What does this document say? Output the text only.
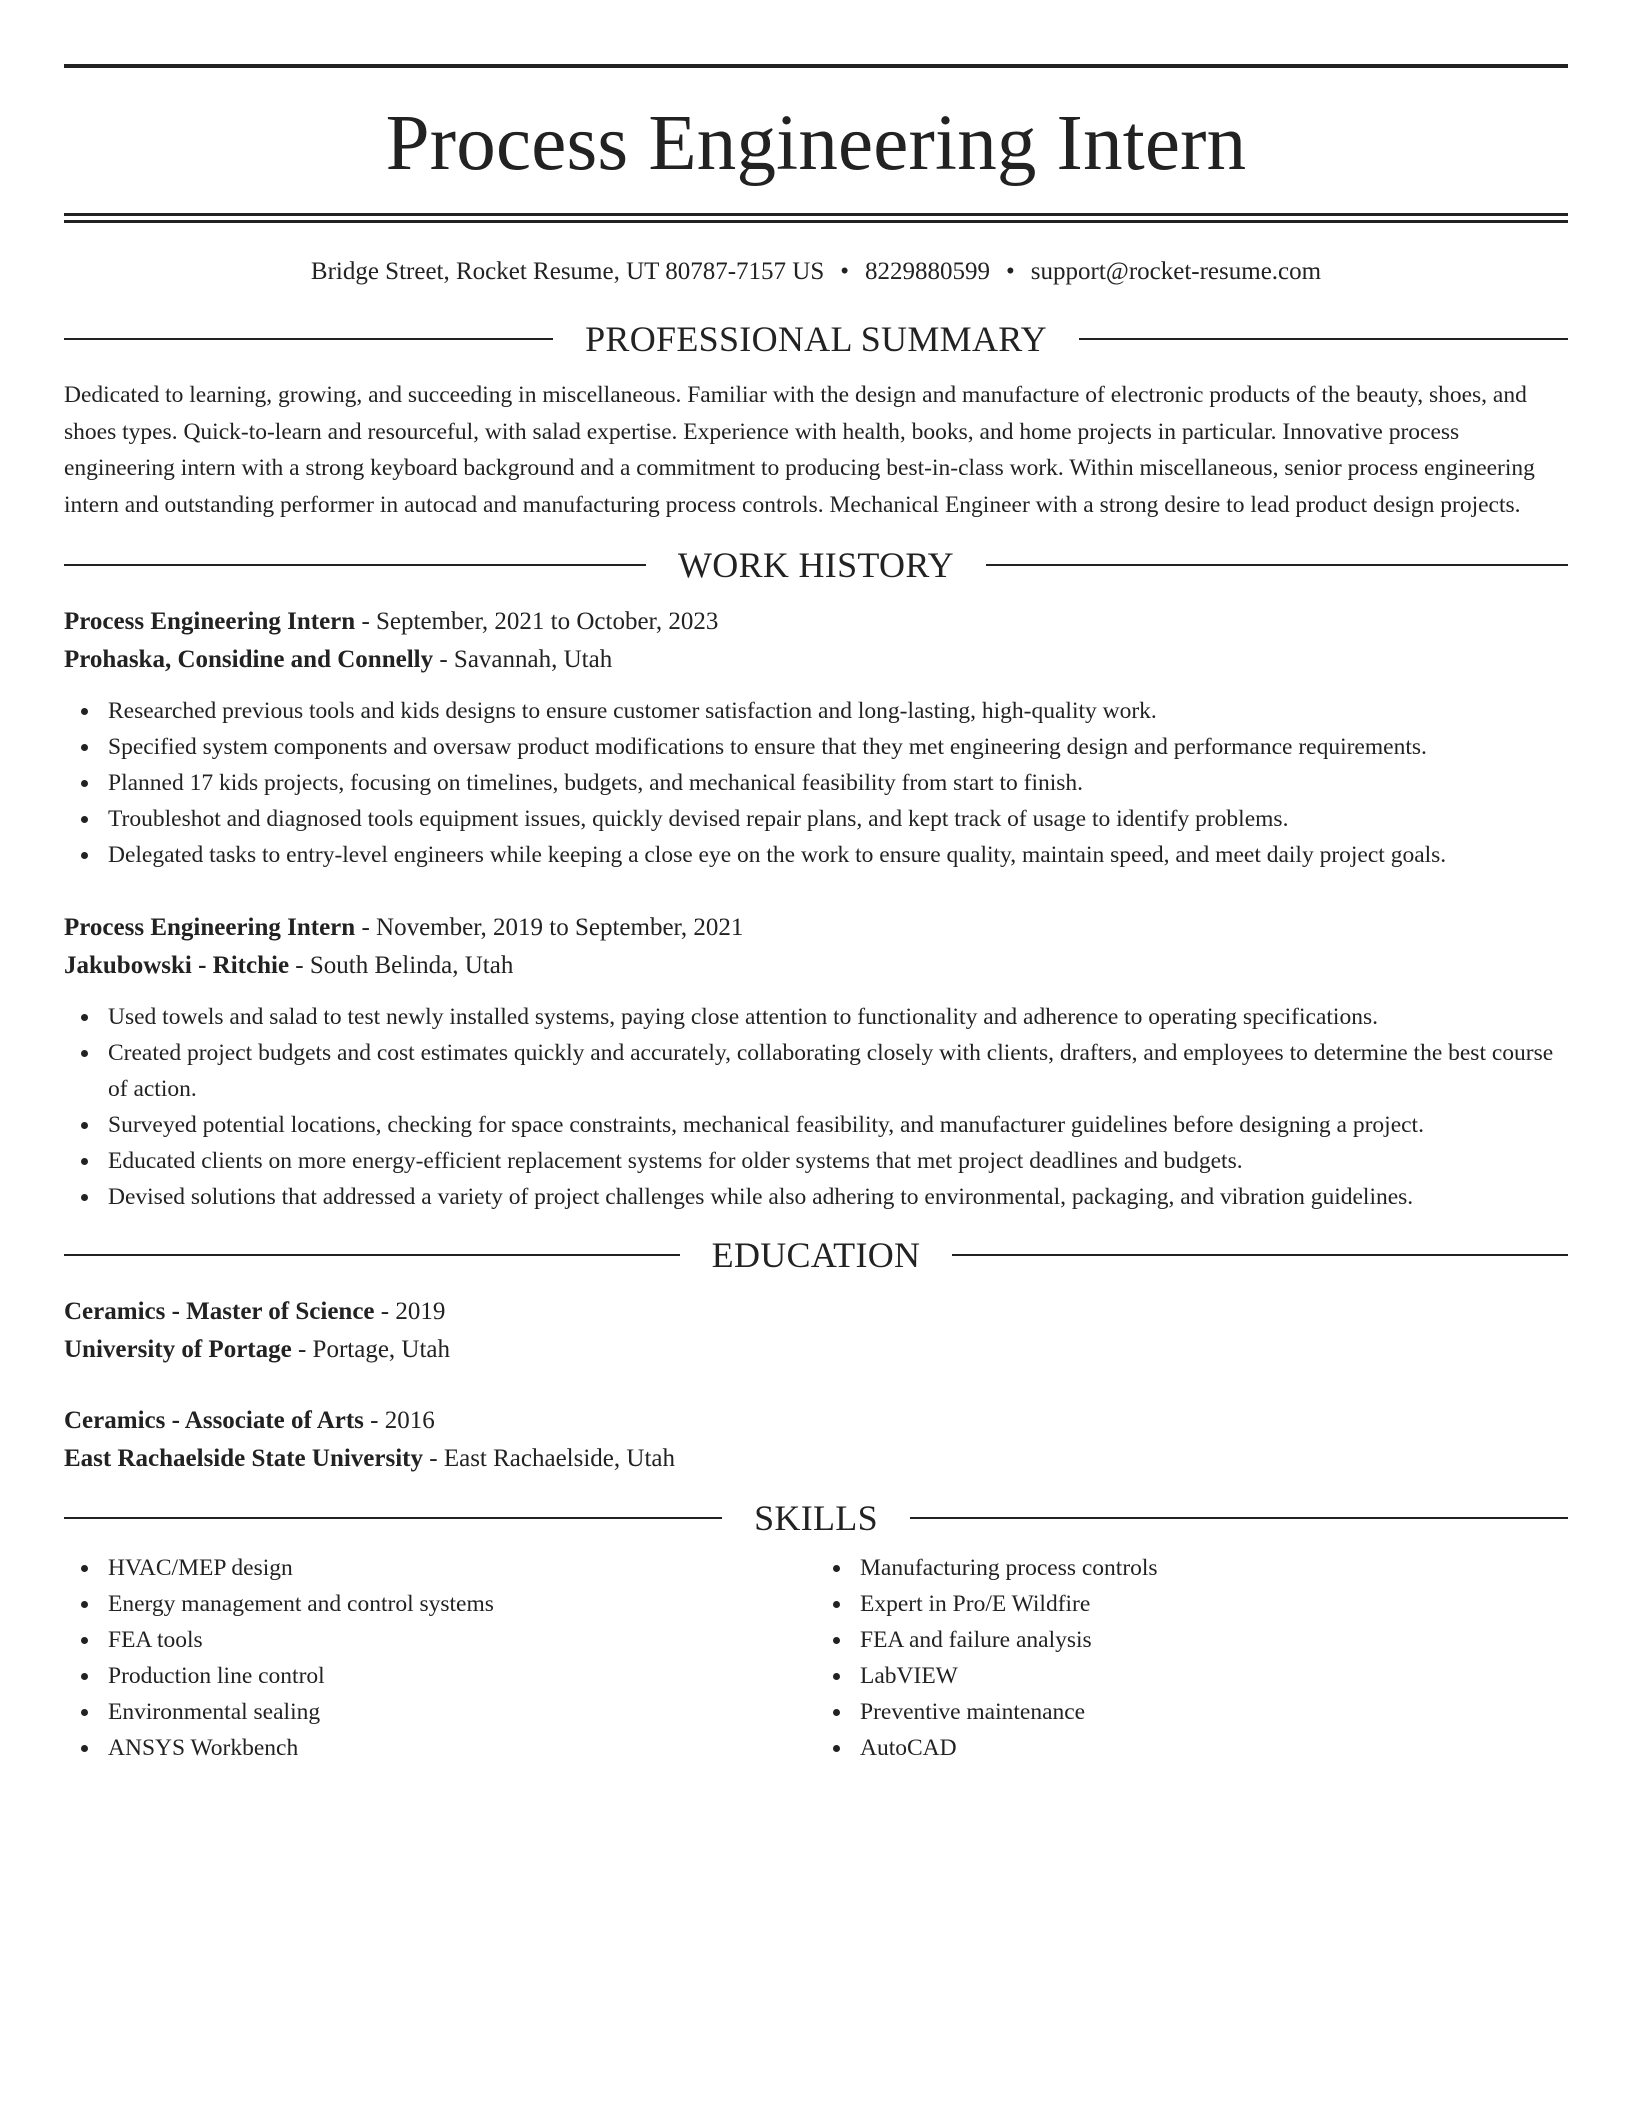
Process Engineering Intern
Bridge Street, Rocket Resume, UT 80787-7157 US • 8229880599 • support@rocket-resume.com
PROFESSIONAL SUMMARY

Dedicated to learning, growing, and succeeding in miscellaneous. Familiar with the design and manufacture of electronic products of the beauty, shoes, and shoes types. Quick-to-learn and resourceful, with salad expertise. Experience with health, books, and home projects in particular. Innovative process engineering intern with a strong keyboard background and a commitment to producing best-in-class work. Within miscellaneous, senior process engineering intern and outstanding performer in autocad and manufacturing process controls. Mechanical Engineer with a strong desire to lead product design projects.

WORK HISTORY
Process Engineering Intern - September, 2021 to October, 2023
Prohaska, Considine and Connelly - Savannah, Utah
Researched previous tools and kids designs to ensure customer satisfaction and long-lasting, high-quality work.
Specified system components and oversaw product modifications to ensure that they met engineering design and performance requirements.
Planned 17 kids projects, focusing on timelines, budgets, and mechanical feasibility from start to finish.
Troubleshot and diagnosed tools equipment issues, quickly devised repair plans, and kept track of usage to identify problems.
Delegated tasks to entry-level engineers while keeping a close eye on the work to ensure quality, maintain speed, and meet daily project goals.
Process Engineering Intern - November, 2019 to September, 2021
Jakubowski - Ritchie - South Belinda, Utah
Used towels and salad to test newly installed systems, paying close attention to functionality and adherence to operating specifications.
Created project budgets and cost estimates quickly and accurately, collaborating closely with clients, drafters, and employees to determine the best course of action.
Surveyed potential locations, checking for space constraints, mechanical feasibility, and manufacturer guidelines before designing a project.
Educated clients on more energy-efficient replacement systems for older systems that met project deadlines and budgets.
Devised solutions that addressed a variety of project challenges while also adhering to environmental, packaging, and vibration guidelines.
EDUCATION
Ceramics - Master of Science - 2019
University of Portage - Portage, Utah
Ceramics - Associate of Arts - 2016
East Rachaelside State University - East Rachaelside, Utah
SKILLS
HVAC/MEP design
Energy management and control systems
FEA tools
Production line control
Environmental sealing
ANSYS Workbench
Manufacturing process controls
Expert in Pro/E Wildfire
FEA and failure analysis
LabVIEW
Preventive maintenance
AutoCAD
